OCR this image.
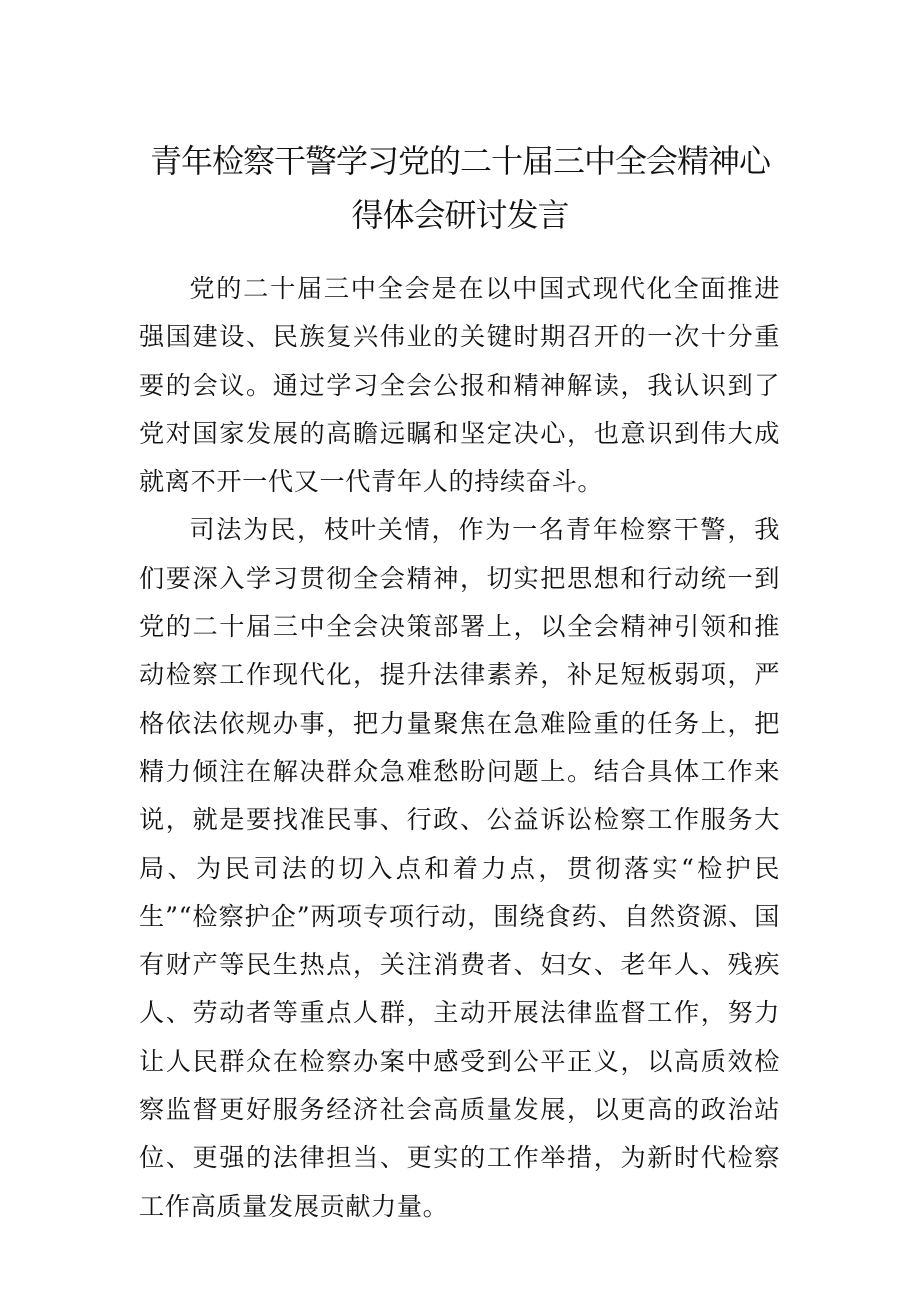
青年检察干警学习党的二十届三中全会精神心
得体会研讨发言

党的二十届三中全会是在以中国式现代化全面推进强国建设、民族复兴伟业的关键时期召开的一次十分重要的会议。通过学习全会公报和精神解读，我认识到了党对国家发展的高瞻远瞩和坚定决心，也意识到伟大成就离不开一代又一代青年人的持续奋斗。

司法为民，枝叶关情，作为一名青年检察干警，我们要深入学习贯彻全会精神，切实把思想和行动统一到党的二十届三中全会决策部署上，以全会精神引领和推动检察工作现代化，提升法律素养，补足短板弱项，严格依法依规办事，把力量聚焦在急难险重的任务上，把精力倾注在解决群众急难愁盼问题上。结合具体工作来说，就是要找准民事、行政、公益诉讼检察工作服务大局、为民司法的切入点和着力点，贯彻落实“检护民生”“检察护企”两项专项行动，围绕食药、自然资源、国有财产等民生热点，关注消费者、妇女、老年人、残疾人、劳动者等重点人群，主动开展法律监督工作，努力让人民群众在检察办案中感受到公平正义，以高质效检察监督更好服务经济社会高质量发展，以更高的政治站位、更强的法律担当、更实的工作举措，为新时代检察工作高质量发展贡献力量。
